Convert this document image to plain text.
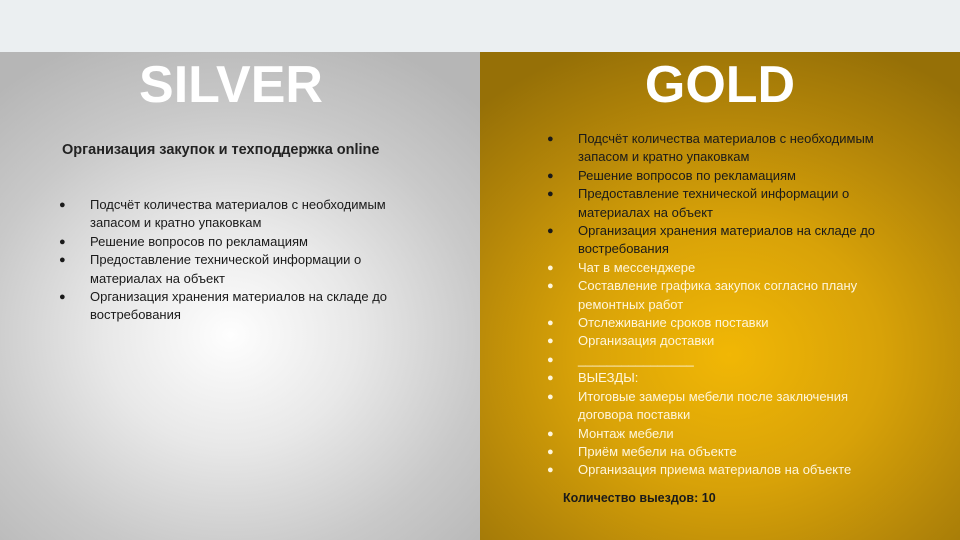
SILVER
Организация закупок и техподдержка online
● Подсчёт количества материалов с необходимым запасом и кратно упаковкам
● Решение вопросов по рекламациям
● Предоставление технической информации о материалах на объект
● Организация хранения материалов на складе до востребования
GOLD
● Подсчёт количества материалов с необходимым запасом и кратно упаковкам
● Решение вопросов по рекламациям
● Предоставление технической информации о материалах на объект
● Организация хранения материалов на складе до востребования
● Чат в мессенджере
● Составление графика закупок согласно плану ремонтных работ
● Отслеживание сроков поставки
● Организация доставки
● ________________
● ВЫЕЗДЫ:
● Итоговые замеры мебели после заключения договора поставки
● Монтаж мебели
● Приём мебели на объекте
● Организация приема материалов на объекте
Количество выездов: 10
